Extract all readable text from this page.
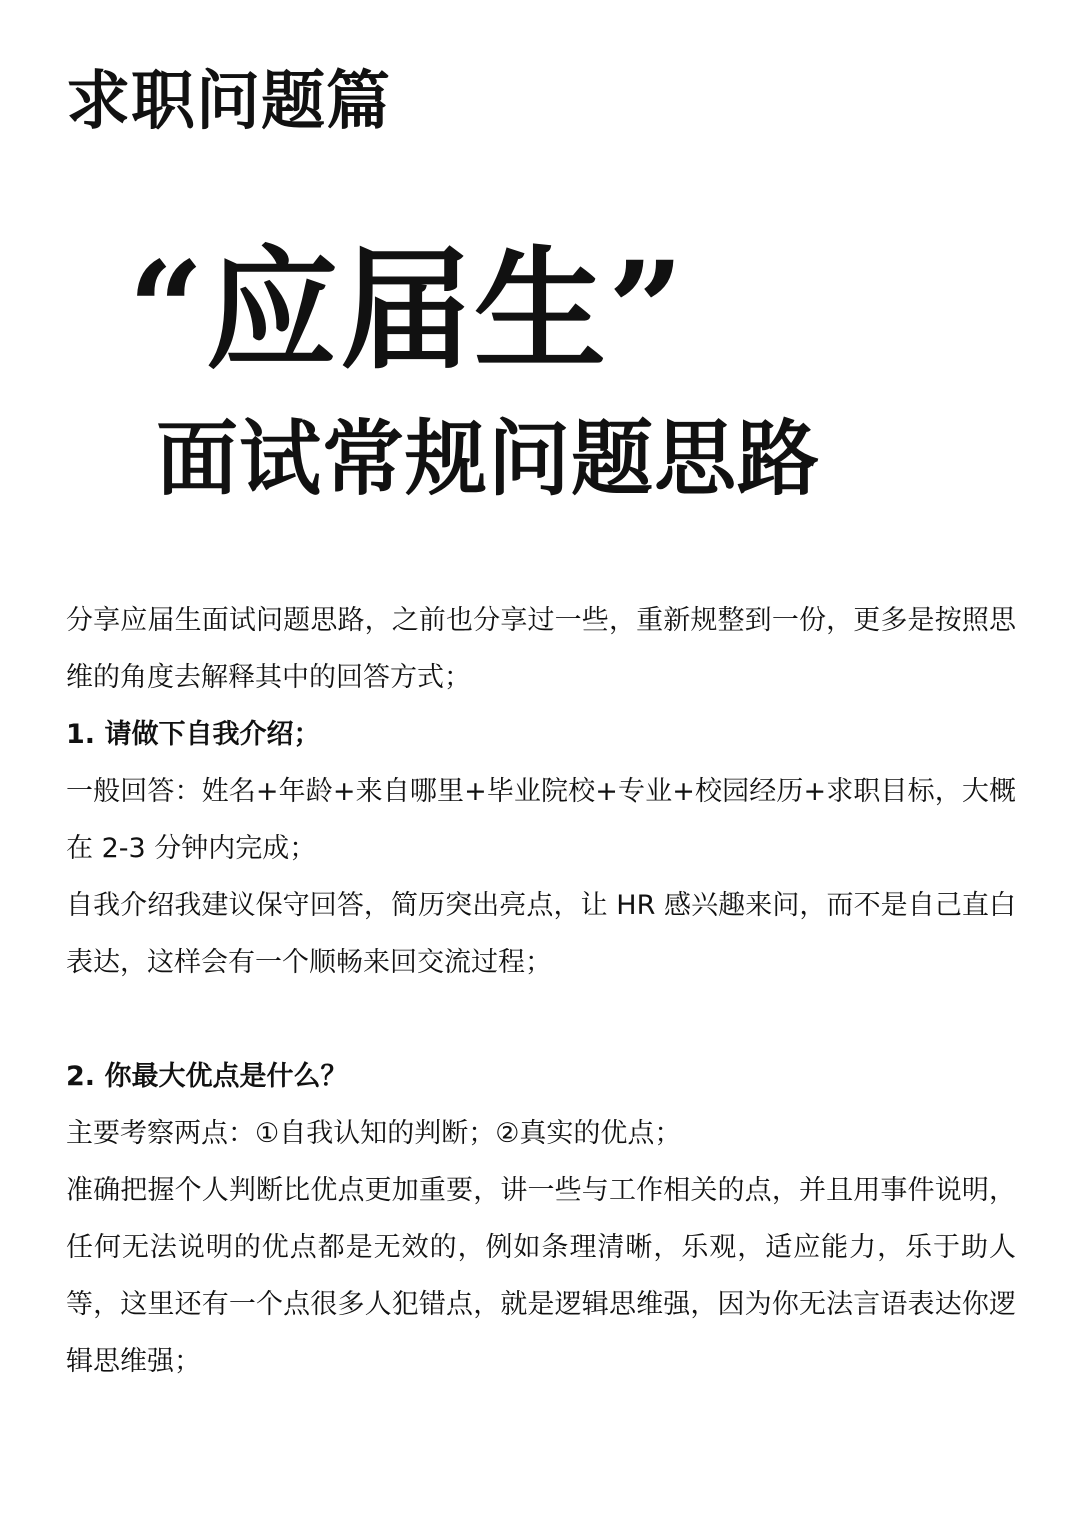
求职问题篇
“应届生”
面试常规问题思路

分享应届生面试问题思路，之前也分享过一些，重新规整到一份，更多是按照思维的角度去解释其中的回答方式；

1. 请做下自我介绍；

一般回答：姓名+年龄+来自哪里+毕业院校+专业+校园经历+求职目标，大概在 2-3 分钟内完成；

自我介绍我建议保守回答，简历突出亮点，让 HR 感兴趣来问，而不是自己直白表达，这样会有一个顺畅来回交流过程；

2. 你最大优点是什么？

主要考察两点：①自我认知的判断；②真实的优点；

准确把握个人判断比优点更加重要，讲一些与工作相关的点，并且用事件说明，任何无法说明的优点都是无效的，例如条理清晰，乐观，适应能力，乐于助人等，这里还有一个点很多人犯错点，就是逻辑思维强，因为你无法言语表达你逻辑思维强；
